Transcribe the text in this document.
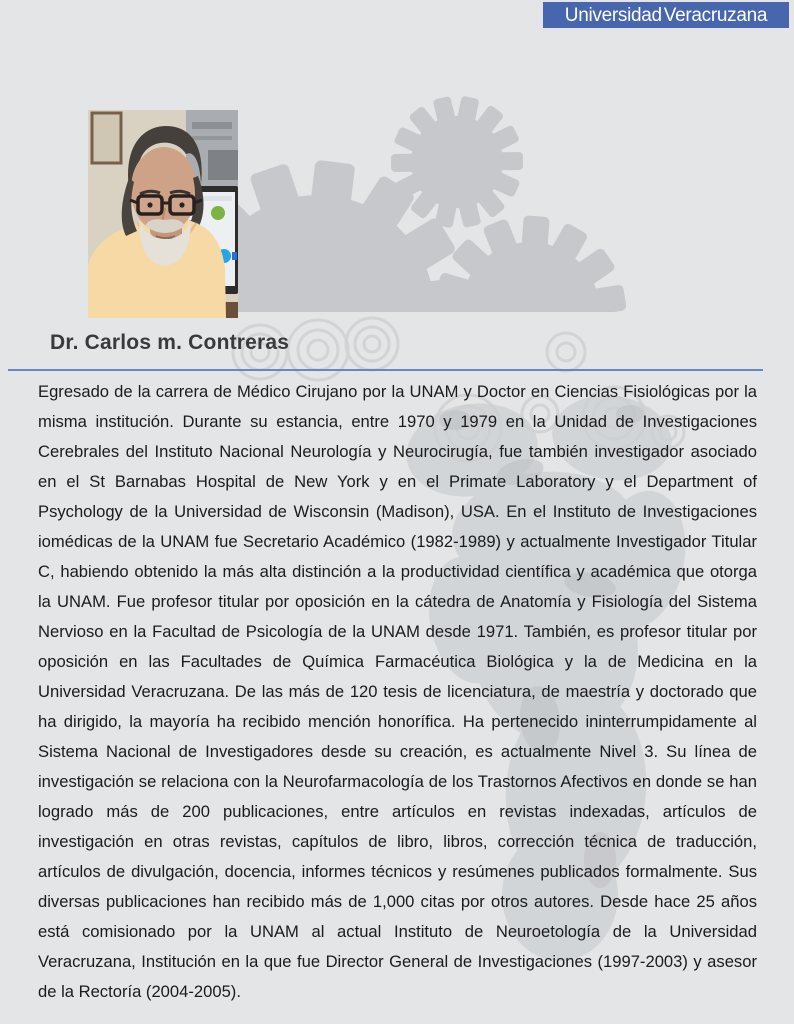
Universidad Veracruzana
Dr. Carlos m. Contreras

Egresado de la carrera de Médico Cirujano por la UNAM y Doctor en Ciencias Fisiológicas por la misma institución. Durante su estancia, entre 1970 y 1979 en la Unidad de Investigaciones Cerebrales del Instituto Nacional Neurología y Neurocirugía, fue también investigador asociado en el St Barnabas Hospital de New York y en el Primate Laboratory y el Department of Psychology de la Universidad de Wisconsin (Madison), USA. En el Instituto de Investigaciones iomédicas de la UNAM fue Secretario Académico (1982-1989) y actualmente Investigador Titular C, habiendo obtenido la más alta distinción a la productividad científica y académica que otorga la UNAM. Fue profesor titular por oposición en la cátedra de Anatomía y Fisiología del Sistema Nervioso en la Facultad de Psicología de la UNAM desde 1971. También, es profesor titular por oposición en las Facultades de Química Farmacéutica Biológica y la de Medicina en la Universidad Veracruzana. De las más de 120 tesis de licenciatura, de maestría y doctorado que ha dirigido, la mayoría ha recibido mención honorífica. Ha pertenecido ininterrumpidamente al Sistema Nacional de Investigadores desde su creación, es actualmente Nivel 3. Su línea de investigación se relaciona con la Neurofarmacología de los Trastornos Afectivos en donde se han logrado más de 200 publicaciones, entre artículos en revistas indexadas, artículos de investigación en otras revistas, capítulos de libro, libros, corrección técnica de traducción, artículos de divulgación, docencia, informes técnicos y resúmenes publicados formalmente. Sus diversas publicaciones han recibido más de 1,000 citas por otros autores. Desde hace 25 años está comisionado por la UNAM al actual Instituto de Neuroetología de la Universidad Veracruzana, Institución en la que fue Director General de Investigaciones (1997-2003) y asesor de la Rectoría (2004-2005).
